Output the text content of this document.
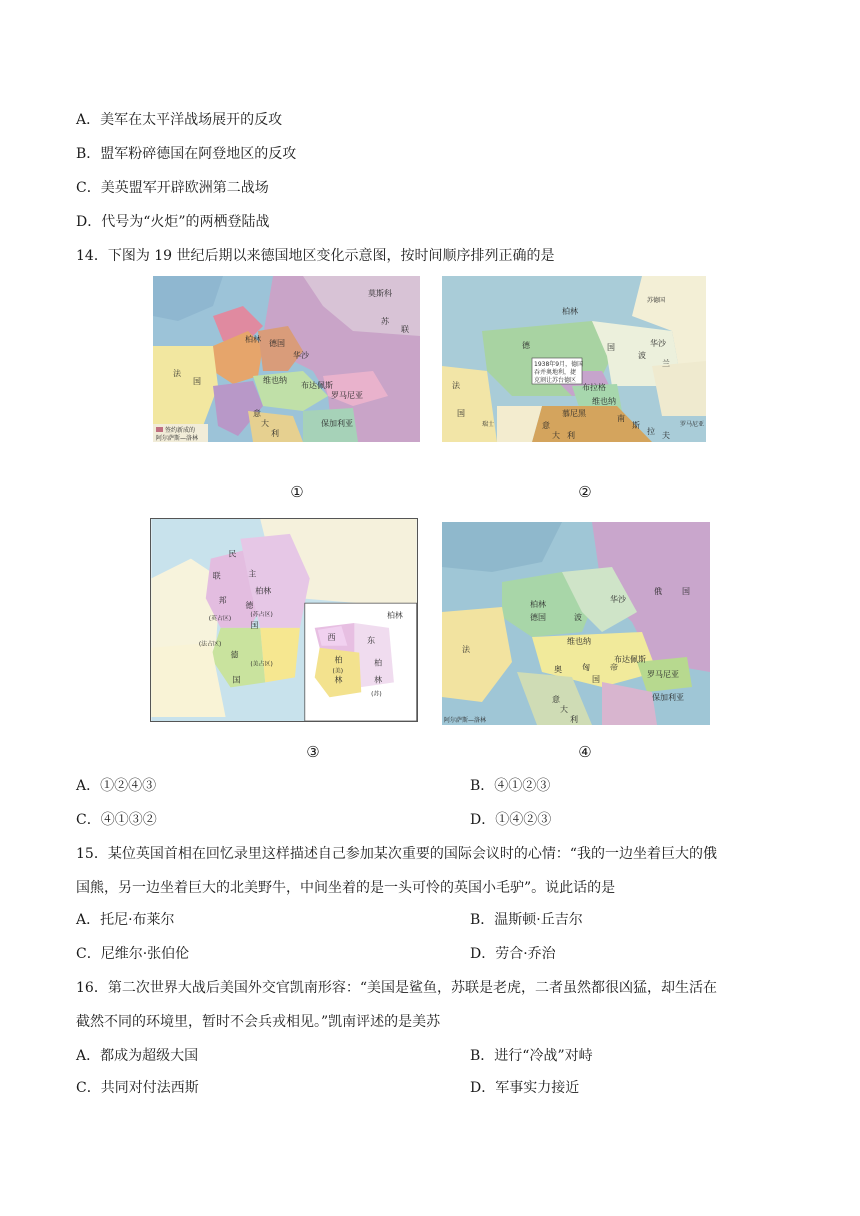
A．美军在太平洋战场展开的反攻
B．盟军粉碎德国在阿登地区的反攻
C．美英盟军开辟欧洲第二战场
D．代号为“火炬”的两栖登陆战
14．下图为 19 世纪后期以来德国地区变化示意图，按时间顺序排列正确的是
莫斯科
苏
联
柏林 德国
华沙
维也纳
布达佩斯
罗马尼亚
法
国
意
大
利
保加利亚
签约新成的
阿尔萨斯—洛林
1938年9月，德国
吞并奥地利，捷
克割让苏台德区
柏林
德	国	华沙
波
兰
布拉格
维也纳
慕尼黑
法
国
意
大 利
南
斯
拉 夫
罗马尼亚
苏德国
瑞士
①	②
民
主
柏林
联
邦
德
国
(英占区)
(苏占区)
(法占区)
(美占区)
德
国
柏林
西	东
柏	柏
林	林
(美)
(苏)
柏林
德国	波
华沙
俄	国
维也纳
布达佩斯
奥	匈	帝
国
罗马尼亚
保加利亚
法
意
大
利
阿尔萨斯—洛林
③	④
A．①②④③	B．④①②③
C．④①③②	D．①④②③
15．某位英国首相在回忆录里这样描述自己参加某次重要的国际会议时的心情：“我的一边坐着巨大的俄
国熊，另一边坐着巨大的北美野牛，中间坐着的是一头可怜的英国小毛驴”。说此话的是
A．托尼·布莱尔	B．温斯顿·丘吉尔
C．尼维尔·张伯伦	D．劳合·乔治
16．第二次世界大战后美国外交官凯南形容：“美国是鲨鱼，苏联是老虎，二者虽然都很凶猛，却生活在
截然不同的环境里，暂时不会兵戎相见。”凯南评述的是美苏
A．都成为超级大国	B．进行“冷战”对峙
C．共同对付法西斯	D．军事实力接近
